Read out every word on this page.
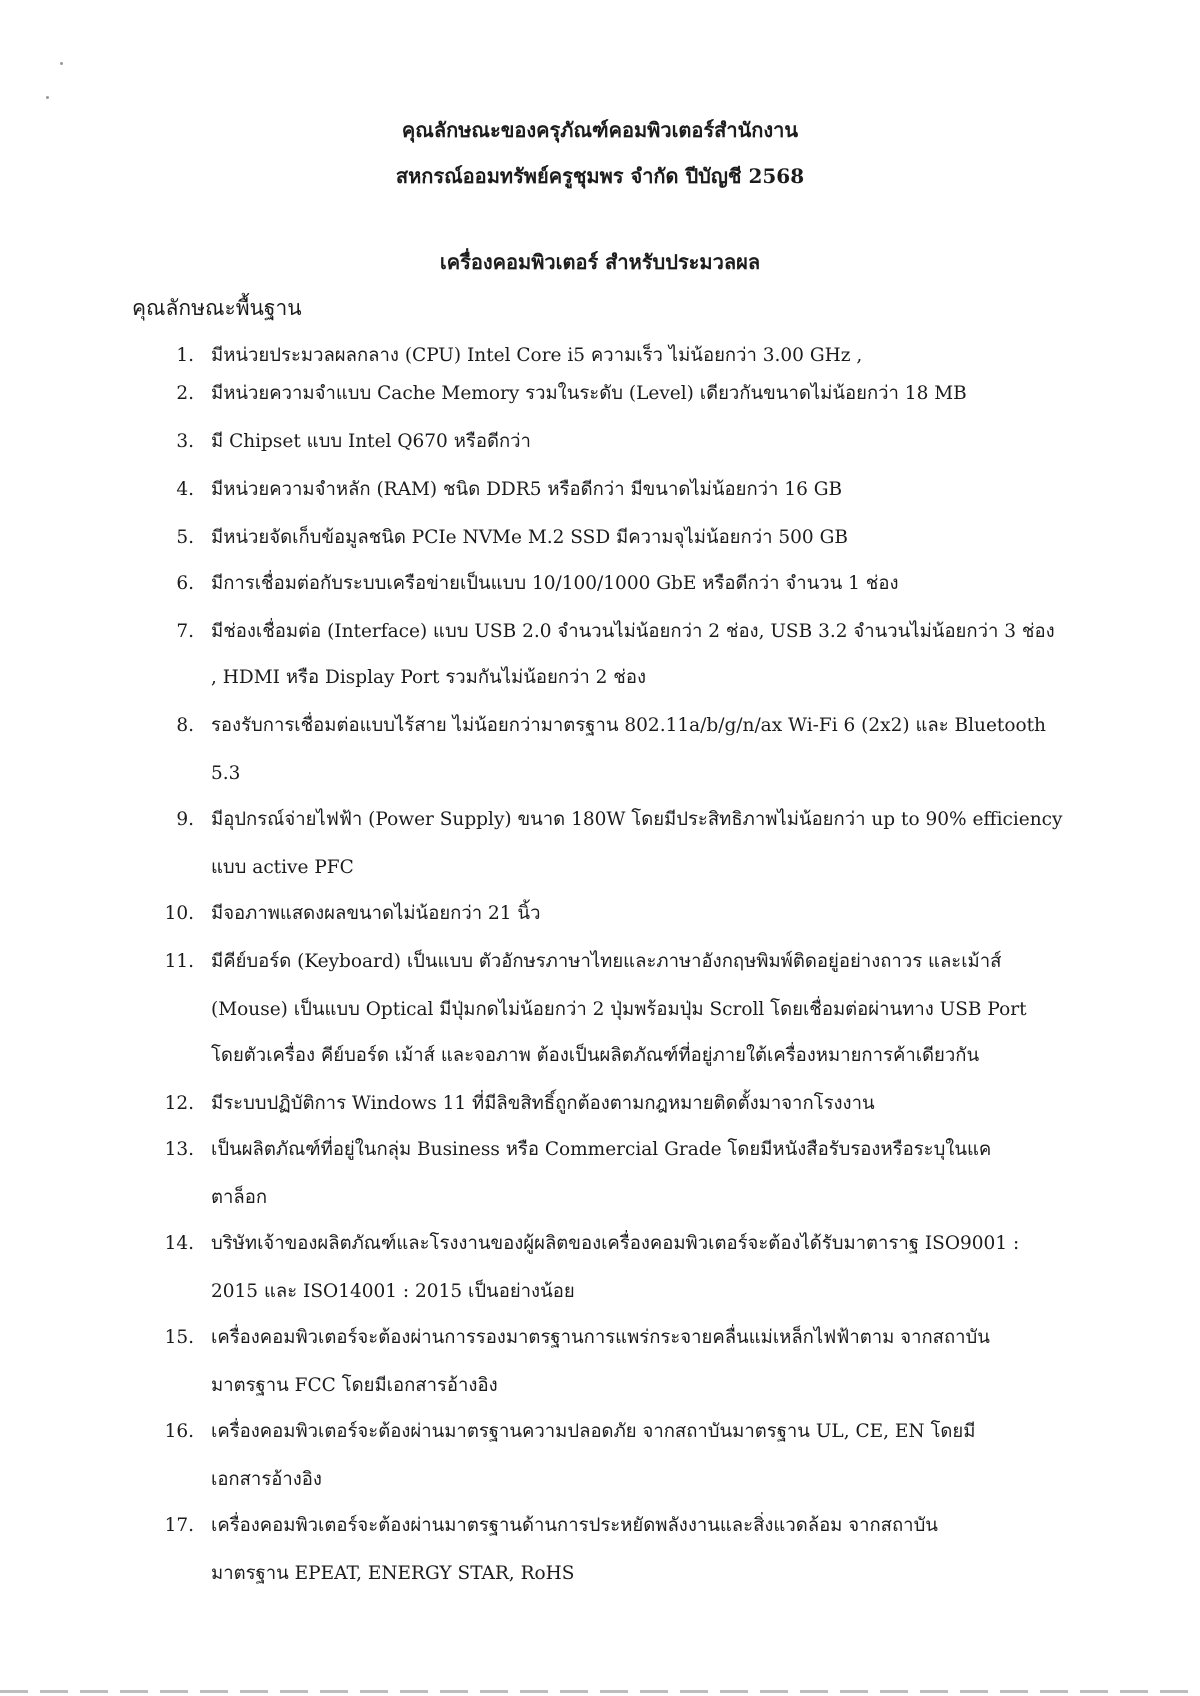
คุณลักษณะของครุภัณฑ์คอมพิวเตอร์สำนักงาน
สหกรณ์ออมทรัพย์ครูชุมพร จำกัด ปีบัญชี 2568
เครื่องคอมพิวเตอร์ สำหรับประมวลผล
คุณลักษณะพื้นฐาน
1. มีหน่วยประมวลผลกลาง (CPU) Intel Core i5 ความเร็ว ไม่น้อยกว่า 3.00 GHz ,
2. มีหน่วยความจำแบบ Cache Memory รวมในระดับ (Level) เดียวกันขนาดไม่น้อยกว่า 18 MB
3. มี Chipset แบบ Intel Q670 หรือดีกว่า
4. มีหน่วยความจำหลัก (RAM) ชนิด DDR5 หรือดีกว่า มีขนาดไม่น้อยกว่า 16 GB
5. มีหน่วยจัดเก็บข้อมูลชนิด PCIe NVMe M.2 SSD มีความจุไม่น้อยกว่า 500 GB
6. มีการเชื่อมต่อกับระบบเครือข่ายเป็นแบบ 10/100/1000 GbE หรือดีกว่า จำนวน 1 ช่อง
7. มีช่องเชื่อมต่อ (Interface) แบบ USB 2.0 จำนวนไม่น้อยกว่า 2 ช่อง, USB 3.2 จำนวนไม่น้อยกว่า 3 ช่อง
, HDMI หรือ Display Port รวมกันไม่น้อยกว่า 2 ช่อง
8. รองรับการเชื่อมต่อแบบไร้สาย ไม่น้อยกว่ามาตรฐาน 802.11a/b/g/n/ax Wi-Fi 6 (2x2) และ Bluetooth
5.3
9. มีอุปกรณ์จ่ายไฟฟ้า (Power Supply) ขนาด 180W โดยมีประสิทธิภาพไม่น้อยกว่า up to 90% efficiency
แบบ active PFC
10. มีจอภาพแสดงผลขนาดไม่น้อยกว่า 21 นิ้ว
11. มีคีย์บอร์ด (Keyboard) เป็นแบบ ตัวอักษรภาษาไทยและภาษาอังกฤษพิมพ์ติดอยู่อย่างถาวร และเม้าส์
(Mouse) เป็นแบบ Optical มีปุ่มกดไม่น้อยกว่า 2 ปุ่มพร้อมปุ่ม Scroll โดยเชื่อมต่อผ่านทาง USB Port
โดยตัวเครื่อง คีย์บอร์ด เม้าส์ และจอภาพ ต้องเป็นผลิตภัณฑ์ที่อยู่ภายใต้เครื่องหมายการค้าเดียวกัน
12. มีระบบปฏิบัติการ Windows 11 ที่มีลิขสิทธิ์ถูกต้องตามกฎหมายติดตั้งมาจากโรงงาน
13. เป็นผลิตภัณฑ์ที่อยู่ในกลุ่ม Business หรือ Commercial Grade โดยมีหนังสือรับรองหรือระบุในแค
ตาล็อก
14. บริษัทเจ้าของผลิตภัณฑ์และโรงงานของผู้ผลิตของเครื่องคอมพิวเตอร์จะต้องได้รับมาตาราฐ ISO9001 :
2015 และ ISO14001 : 2015 เป็นอย่างน้อย
15. เครื่องคอมพิวเตอร์จะต้องผ่านการรองมาตรฐานการแพร่กระจายคลื่นแม่เหล็กไฟฟ้าตาม จากสถาบัน
มาตรฐาน FCC โดยมีเอกสารอ้างอิง
16. เครื่องคอมพิวเตอร์จะต้องผ่านมาตรฐานความปลอดภัย จากสถาบันมาตรฐาน UL, CE, EN โดยมี
เอกสารอ้างอิง
17. เครื่องคอมพิวเตอร์จะต้องผ่านมาตรฐานด้านการประหยัดพลังงานและสิ่งแวดล้อม จากสถาบัน
มาตรฐาน EPEAT, ENERGY STAR, RoHS
